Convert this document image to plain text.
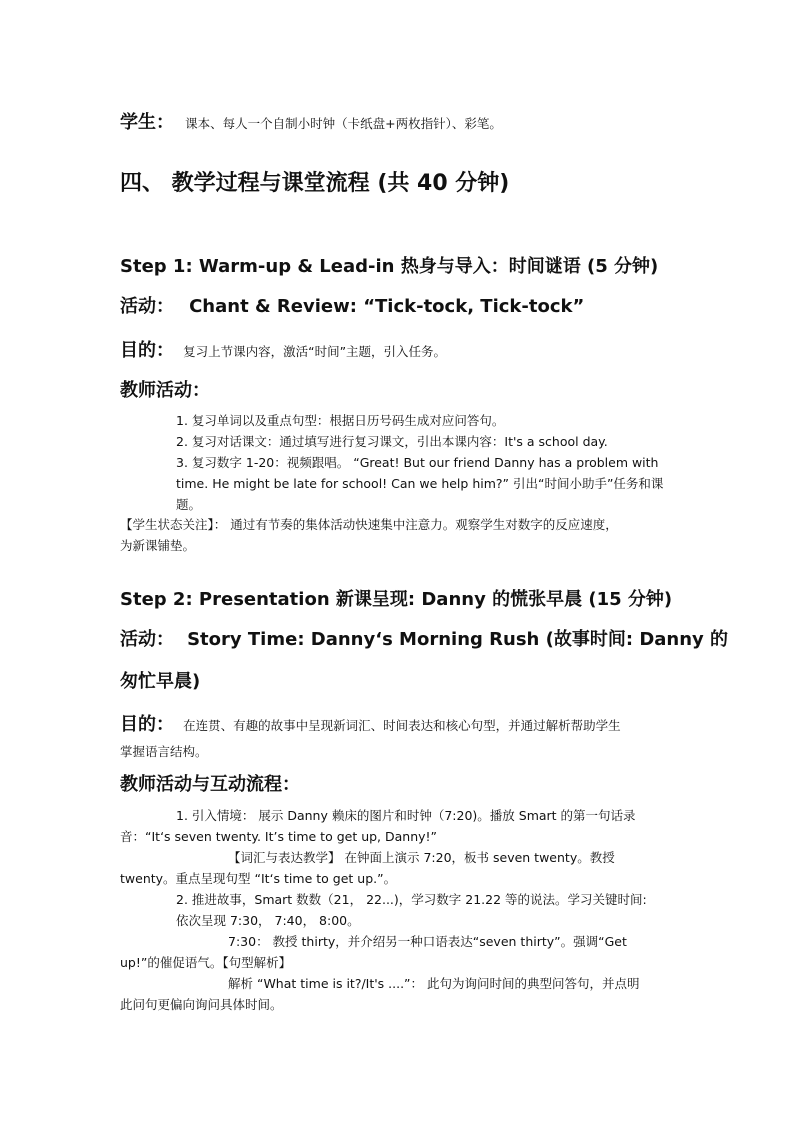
学生： 课本、每人一个自制小时钟（卡纸盘+两枚指针）、彩笔。
四、 教学过程与课堂流程 (共 40 分钟)
Step 1: Warm-up & Lead-in 热身与导入：时间谜语 (5 分钟)
活动： Chant & Review: “Tick-tock, Tick-tock”
目的： 复习上节课内容，激活“时间”主题，引入任务。
教师活动：
1. 复习单词以及重点句型：根据日历号码生成对应问答句。
2. 复习对话课文：通过填写进行复习课文，引出本课内容：It's a school day.
3. 复习数字 1-20：视频跟唱。 “Great! But our friend Danny has a problem with
time. He might be late for school! Can we help him?” 引出“时间小助手”任务和课
题。
【学生状态关注】： 通过有节奏的集体活动快速集中注意力。观察学生对数字的反应速度，
为新课铺垫。
Step 2: Presentation 新课呈现: Danny 的慌张早晨 (15 分钟)
活动： Story Time: Danny‘s Morning Rush (故事时间: Danny 的
匆忙早晨)
目的： 在连贯、有趣的故事中呈现新词汇、时间表达和核心句型，并通过解析帮助学生
掌握语言结构。
教师活动与互动流程：
1. 引入情境： 展示 Danny 赖床的图片和时钟（7:20)。播放 Smart 的第一句话录
音：“It‘s seven twenty. It’s time to get up, Danny!”
【词汇与表达教学】 在钟面上演示 7:20，板书 seven twenty。教授
twenty。重点呈现句型 “It‘s time to get up.”。
2. 推进故事，Smart 数数（21， 22...)，学习数字 21.22 等的说法。学习关键时间:
依次呈现 7:30， 7:40， 8:00。
7:30： 教授 thirty，并介绍另一种口语表达“seven thirty”。强调“Get
up!”的催促语气。【句型解析】
解析 “What time is it?/It's ....”： 此句为询问时间的典型问答句，并点明
此问句更偏向询问具体时间。
